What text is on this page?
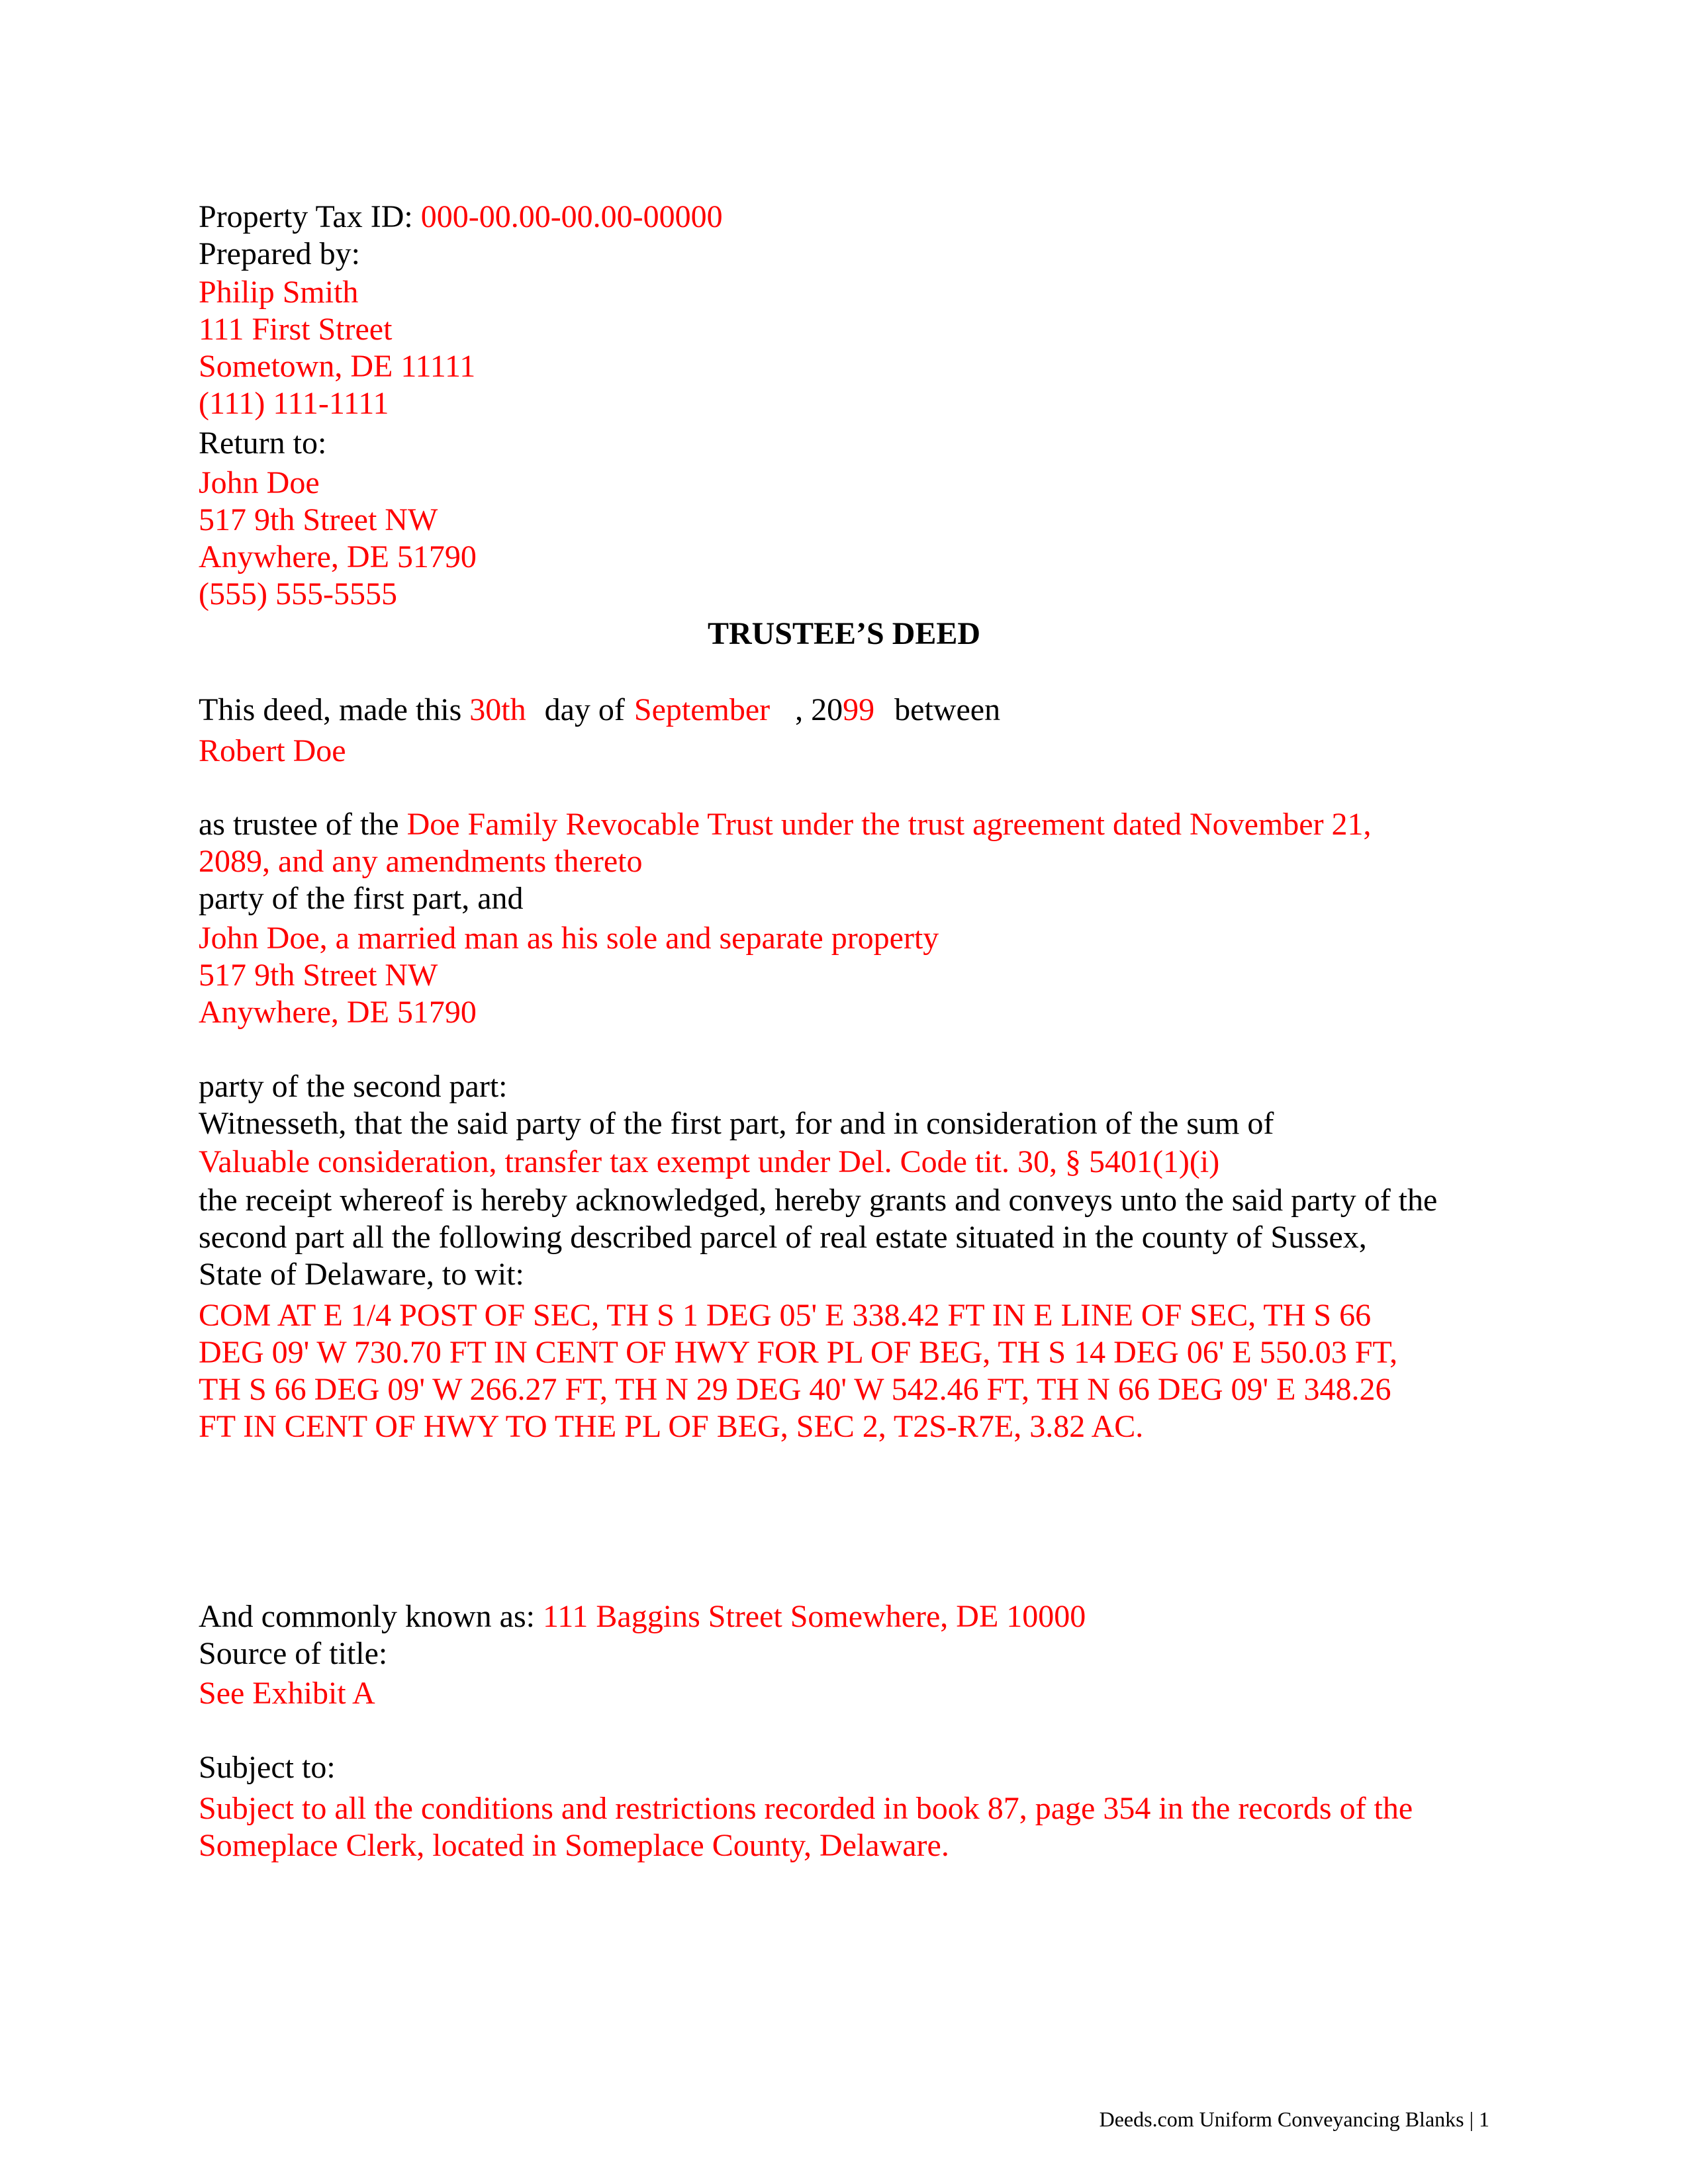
Property Tax ID: 000-00.00-00.00-00000
Prepared by:
Philip Smith
111 First Street
Sometown, DE 11111
(111) 111-1111
Return to:
John Doe
517 9th Street NW
Anywhere, DE 51790
(555) 555-5555
TRUSTEE’S DEED
This deed, made this 30th day of September , 2099 between
Robert Doe
as trustee of the Doe Family Revocable Trust under the trust agreement dated November 21,
2089, and any amendments thereto
party of the first part, and
John Doe, a married man as his sole and separate property
517 9th Street NW
Anywhere, DE 51790
party of the second part:
Witnesseth, that the said party of the first part, for and in consideration of the sum of
Valuable consideration, transfer tax exempt under Del. Code tit. 30, § 5401(1)(i)
the receipt whereof is hereby acknowledged, hereby grants and conveys unto the said party of the
second part all the following described parcel of real estate situated in the county of Sussex,
State of Delaware, to wit:
COM AT E 1/4 POST OF SEC, TH S 1 DEG 05' E 338.42 FT IN E LINE OF SEC, TH S 66
DEG 09' W 730.70 FT IN CENT OF HWY FOR PL OF BEG, TH S 14 DEG 06' E 550.03 FT,
TH S 66 DEG 09' W 266.27 FT, TH N 29 DEG 40' W 542.46 FT, TH N 66 DEG 09' E 348.26
FT IN CENT OF HWY TO THE PL OF BEG, SEC 2, T2S-R7E, 3.82 AC.
And commonly known as: 111 Baggins Street Somewhere, DE 10000
Source of title:
See Exhibit A
Subject to:
Subject to all the conditions and restrictions recorded in book 87, page 354 in the records of the
Someplace Clerk, located in Someplace County, Delaware.
Deeds.com Uniform Conveyancing Blanks | 1
